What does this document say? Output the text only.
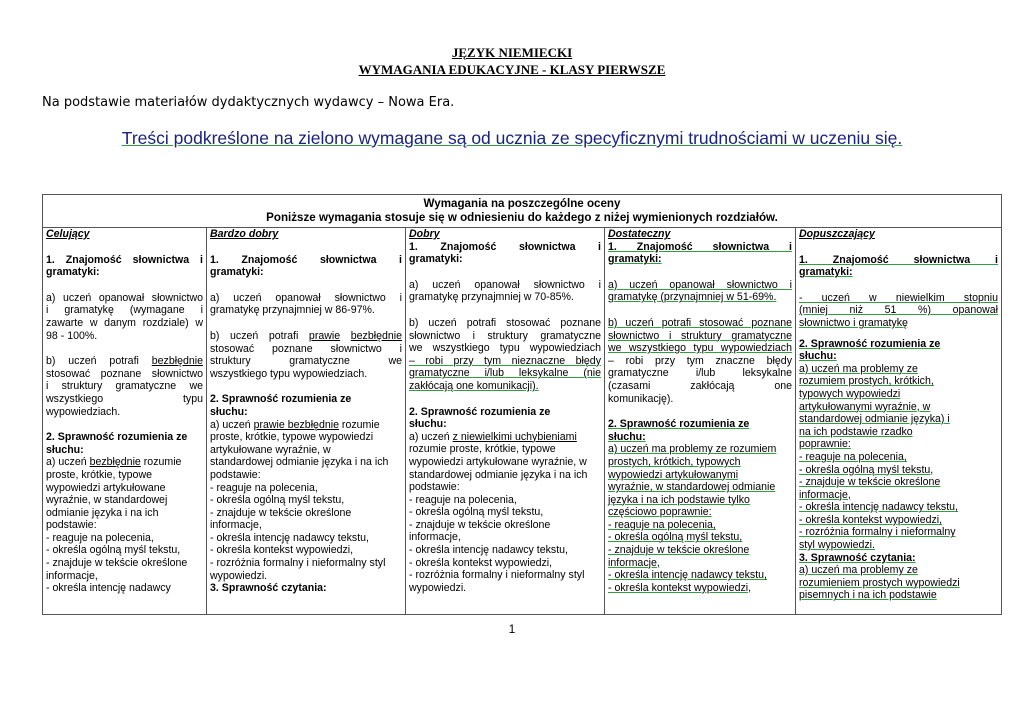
JĘZYK NIEMIECKI
WYMAGANIA EDUKACYJNE - KLASY PIERWSZE
Na podstawie materiałów dydaktycznych wydawcy – Nowa Era.
Treści podkreślone na zielono wymagane są od ucznia ze specyficznymi trudnościami w uczeniu się.
Wymagania na poszczególne oceny
Poniższe wymagania stosuje się w odniesieniu do każdego z niżej wymienionych rozdziałów.

Celujący

1. Znajomość słownictwa i

gramatyki:

a) uczeń opanował słownictwo

i gramatykę (wymagane i

zawarte w danym rozdziale) w

98 - 100%.

b) uczeń potrafi bezbłędnie

stosować poznane słownictwo

i struktury gramatyczne we

wszystkiego typu

wypowiedziach.

2. Sprawność rozumienia ze

słuchu:

a) uczeń bezbłędnie rozumie

proste, krótkie, typowe

wypowiedzi artykułowane

wyraźnie, w standardowej

odmianie języka i na ich

podstawie:

- reaguje na polecenia,

- określa ogólną myśl tekstu,

- znajduje w tekście określone

informacje,

- określa intencję nadawcy

Bardzo dobry

1. Znajomość słownictwa i

gramatyki:

a) uczeń opanował słownictwo i

gramatykę przynajmniej w 86-97%.

b) uczeń potrafi prawie bezbłędnie

stosować poznane słownictwo i

struktury gramatyczne we

wszystkiego typu wypowiedziach.

2. Sprawność rozumienia ze

słuchu:

a) uczeń prawie bezbłędnie rozumie

proste, krótkie, typowe wypowiedzi

artykułowane wyraźnie, w

standardowej odmianie języka i na ich

podstawie:

- reaguje na polecenia,

- określa ogólną myśl tekstu,

- znajduje w tekście określone

informacje,

- określa intencję nadawcy tekstu,

- określa kontekst wypowiedzi,

- rozróżnia formalny i nieformalny styl

wypowiedzi.

3. Sprawność czytania:

Dobry

1. Znajomość słownictwa i

gramatyki:

a) uczeń opanował słownictwo i

gramatykę przynajmniej w 70-85%.

b) uczeń potrafi stosować poznane

słownictwo i struktury gramatyczne

we wszystkiego typu wypowiedziach

– robi przy tym nieznaczne błędy

gramatyczne i/lub leksykalne (nie

zakłócają one komunikacji).

2. Sprawność rozumienia ze

słuchu:

a) uczeń z niewielkimi uchybieniami

rozumie proste, krótkie, typowe

wypowiedzi artykułowane wyraźnie, w

standardowej odmianie języka i na ich

podstawie:

- reaguje na polecenia,

- określa ogólną myśl tekstu,

- znajduje w tekście określone

informacje,

- określa intencję nadawcy tekstu,

- określa kontekst wypowiedzi,

- rozróżnia formalny i nieformalny styl

wypowiedzi.

Dostateczny

1. Znajomość słownictwa i

gramatyki:

a) uczeń opanował słownictwo i

gramatykę (przynajmniej w 51-69%.

b) uczeń potrafi stosować poznane

słownictwo i struktury gramatyczne

we wszystkiego typu wypowiedziach

– robi przy tym znaczne błędy

gramatyczne i/lub leksykalne

(czasami zakłócają one

komunikację).

2. Sprawność rozumienia ze

słuchu:

a) uczeń ma problemy ze rozumiem

prostych, krótkich, typowych

wypowiedzi artykułowanymi

wyraźnie, w standardowej odmianie

języka i na ich podstawie tylko

częściowo poprawnie:

- reaguje na polecenia,

- określa ogólną myśl tekstu,

- znajduje w tekście określone

informacje,

- określa intencję nadawcy tekstu,

- określa kontekst wypowiedzi,

Dopuszczający

1. Znajomość słownictwa i

gramatyki:

- uczeń w niewielkim stopniu

(mniej niż 51 %) opanował

słownictwo i gramatykę

2. Sprawność rozumienia ze

słuchu:

a) uczeń ma problemy ze

rozumiem prostych, krótkich,

typowych wypowiedzi

artykułowanymi wyraźnie, w

standardowej odmianie języka) i

na ich podstawie rzadko

poprawnie:

- reaguje na polecenia,

- określa ogólną myśl tekstu,

- znajduje w tekście określone

informacje,

- określa intencję nadawcy tekstu,

- określa kontekst wypowiedzi,

- rozróżnia formalny i nieformalny

styl wypowiedzi.

3. Sprawność czytania:

a) uczeń ma problemy ze

rozumieniem prostych wypowiedzi

pisemnych i na ich podstawie

1
